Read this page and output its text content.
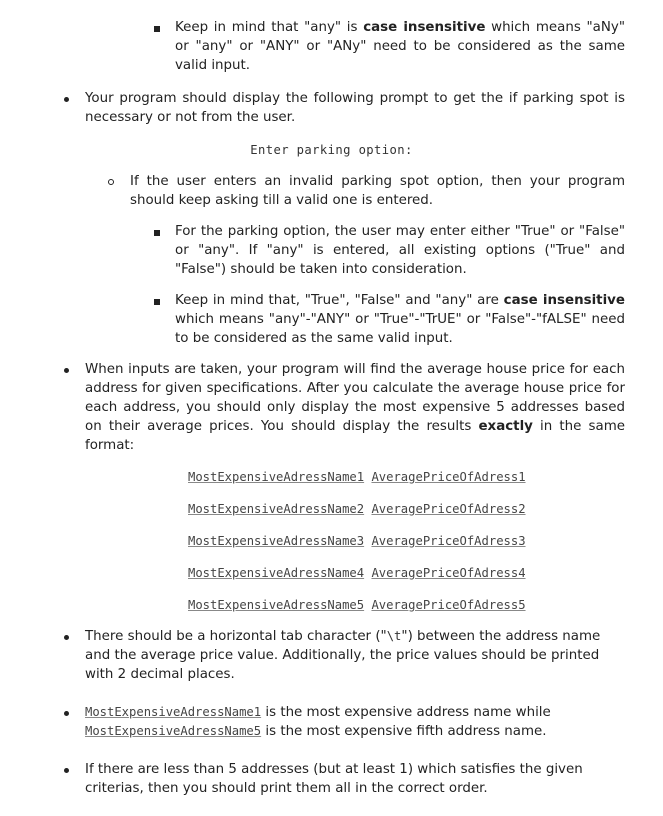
Keep in mind that "any" is case insensitive which means "aNy" or "any" or "ANY" or "ANy" need to be considered as the same valid input.

Your program should display the following prompt to get the if parking spot is necessary or not from the user.

Enter parking option:

If the user enters an invalid parking spot option, then your program should keep asking till a valid one is entered.

For the parking option, the user may enter either "True" or "False" or "any". If "any" is entered, all existing options ("True" and "False") should be taken into consideration.

Keep in mind that, "True", "False" and "any" are case insensitive which means "any"-"ANY" or "True"-"TrUE" or "False"-"fALSE" need to be considered as the same valid input.

When inputs are taken, your program will find the average house price for each address for given specifications. After you calculate the average house price for each address, you should only display the most expensive 5 addresses based on their average prices. You should display the results exactly in the same format:

MostExpensiveAdressName1 AveragePriceOfAdress1
MostExpensiveAdressName2 AveragePriceOfAdress2
MostExpensiveAdressName3 AveragePriceOfAdress3
MostExpensiveAdressName4 AveragePriceOfAdress4
MostExpensiveAdressName5 AveragePriceOfAdress5

There should be a horizontal tab character ("\t") between the address name and the average price value. Additionally, the price values should be printed with 2 decimal places.

MostExpensiveAdressName1 is the most expensive address name while
MostExpensiveAdressName5 is the most expensive fifth address name.

If there are less than 5 addresses (but at least 1) which satisfies the given criterias, then you should print them all in the correct order.
